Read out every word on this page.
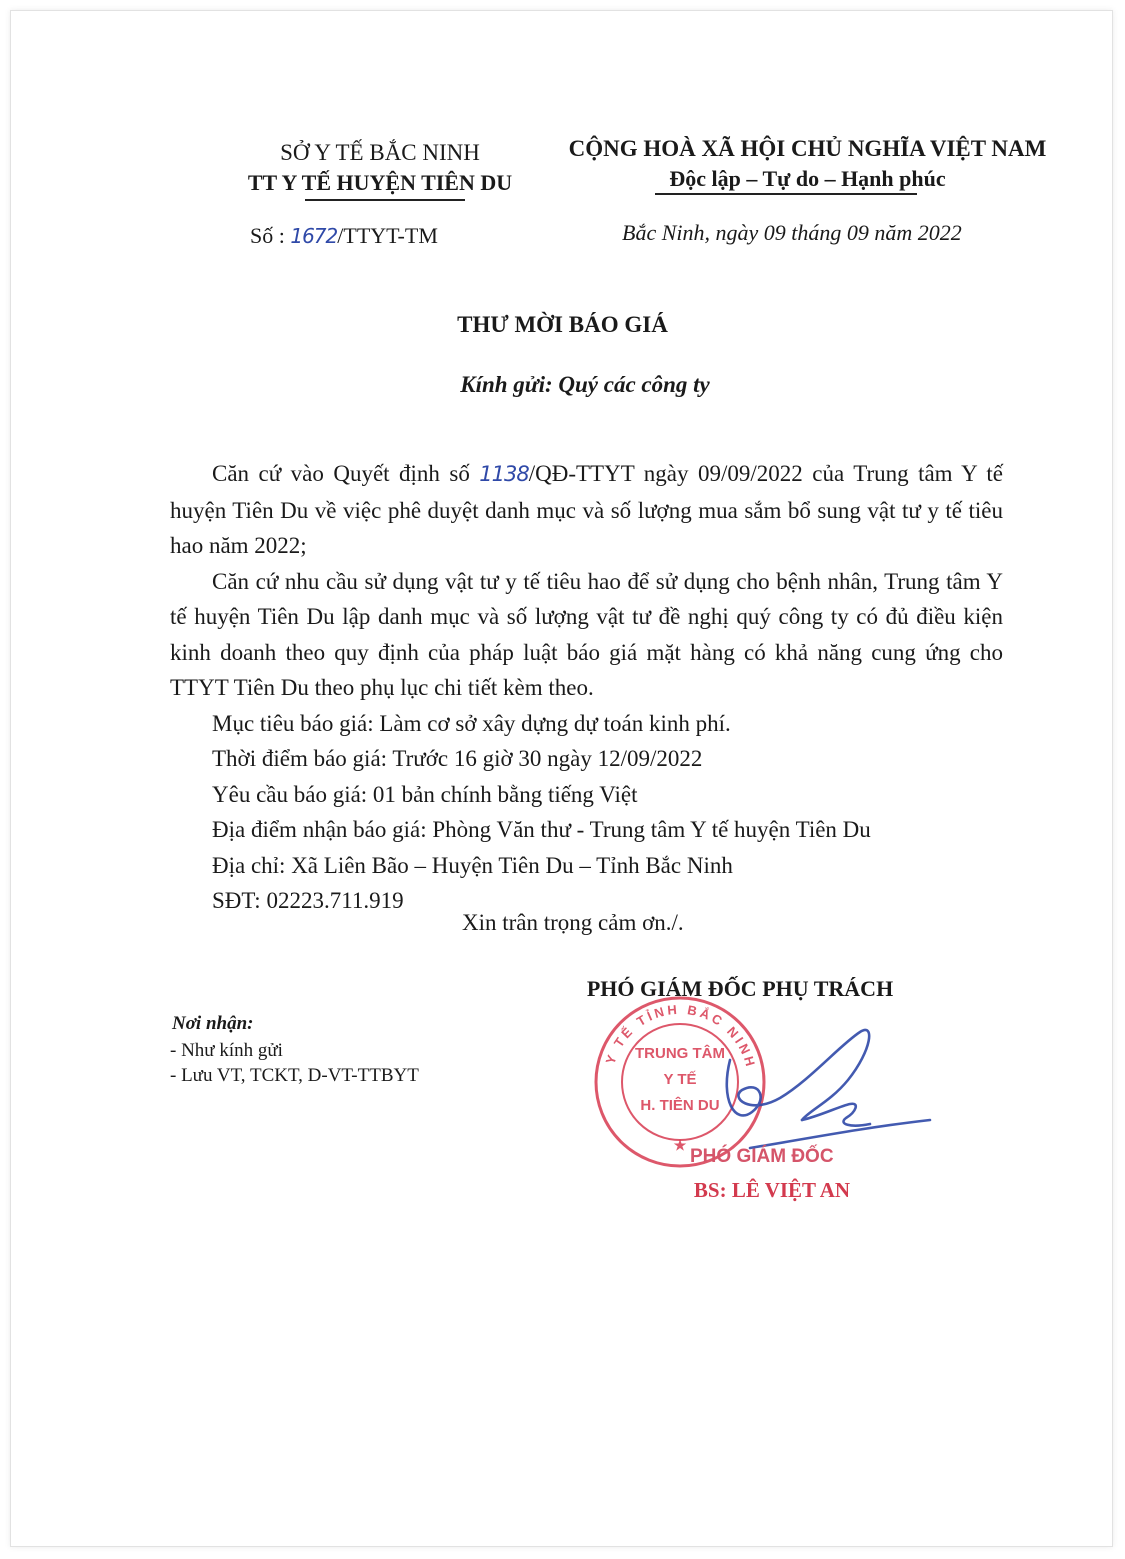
SỞ Y TẾ BẮC NINH
TT Y TẾ HUYỆN TIÊN DU
CỘNG HOÀ XÃ HỘI CHỦ NGHĨA VIỆT NAM
Độc lập – Tự do – Hạnh phúc
Số : 1672/TTYT-TM	Bắc Ninh, ngày 09 tháng 09 năm 2022
THƯ MỜI BÁO GIÁ
Kính gửi: Quý các công ty

Căn cứ vào Quyết định số 1138/QĐ-TTYT ngày 09/09/2022 của Trung tâm Y tế huyện Tiên Du về việc phê duyệt danh mục và số lượng mua sắm bổ sung vật tư y tế tiêu hao năm 2022;

Căn cứ nhu cầu sử dụng vật tư y tế tiêu hao để sử dụng cho bệnh nhân, Trung tâm Y tế huyện Tiên Du lập danh mục và số lượng vật tư đề nghị quý công ty có đủ điều kiện kinh doanh theo quy định của pháp luật báo giá mặt hàng có khả năng cung ứng cho TTYT Tiên Du theo phụ lục chi tiết kèm theo.

Mục tiêu báo giá: Làm cơ sở xây dựng dự toán kinh phí.

Thời điểm báo giá: Trước 16 giờ 30 ngày 12/09/2022

Yêu cầu báo giá: 01 bản chính bằng tiếng Việt

Địa điểm nhận báo giá: Phòng Văn thư - Trung tâm Y tế huyện Tiên Du

Địa chỉ: Xã Liên Bão – Huyện Tiên Du – Tỉnh Bắc Ninh

SĐT: 02223.711.919

Xin trân trọng cảm ơn./.
PHÓ GIÁM ĐỐC PHỤ TRÁCH
Nơi nhận:
- Như kính gửi
- Lưu VT, TCKT, D-VT-TTBYT
Y TẾ TỈNH BẮC NINH
TRUNG TÂM
Y TẾ
H. TIÊN DU
★
PHÓ GIÁM ĐỐC
BS: LÊ VIỆT AN
